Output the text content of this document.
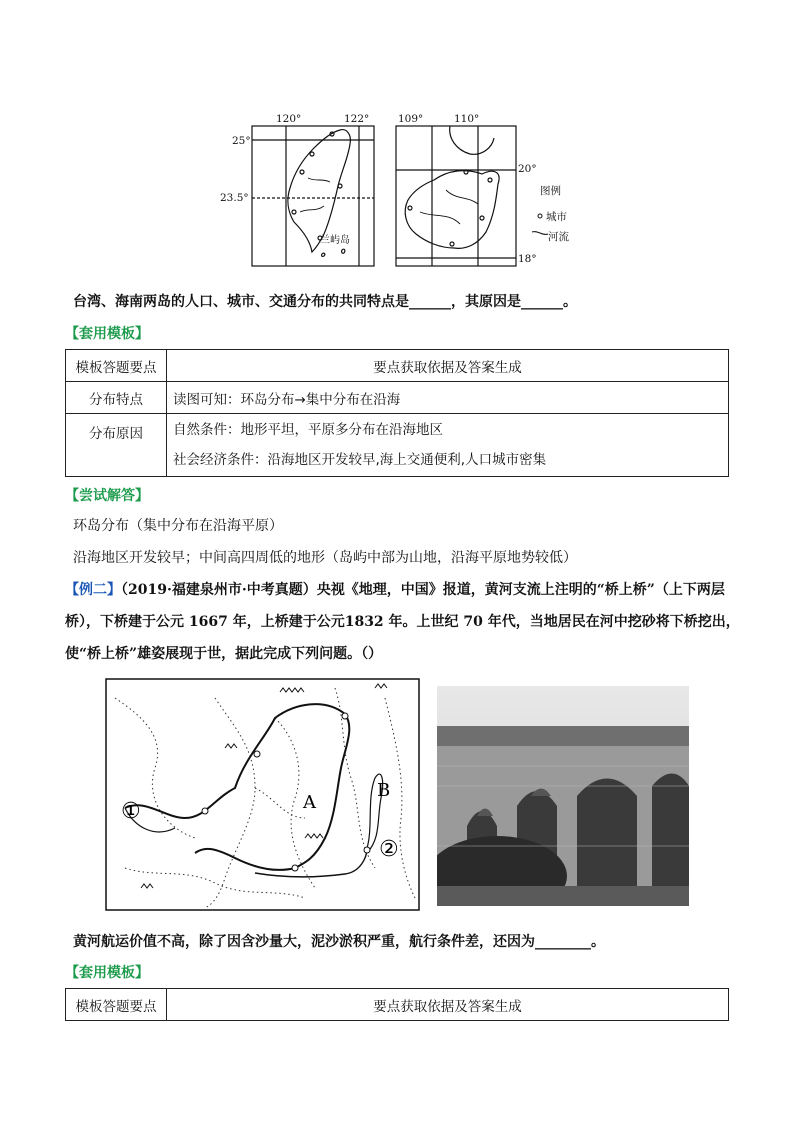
120°	122°
25°
23.5°
兰屿岛
109°	110°
20°
18°
图例
城市
河流
台湾、海南两岛的人口、城市、交通分布的共同特点是______，其原因是______。
【套用模板】
模板答题要点	要点获取依据及答案生成
分布特点	读图可知：环岛分布→集中分布在沿海
分布原因	自然条件：地形平坦，平原多分布在沿海地区
社会经济条件：沿海地区开发较早,海上交通便利,人口城市密集
【尝试解答】
环岛分布（集中分布在沿海平原）
沿海地区开发较早；中间高四周低的地形（岛屿中部为山地，沿海平原地势较低）
【例二】（2019·福建泉州市·中考真题）央视《地理，中国》报道，黄河支流上注明的“桥上桥”（上下两层
桥），下桥建于公元 1667 年，上桥建于公元1832 年。上世纪 70 年代，当地居民在河中挖砂将下桥挖出，
使“桥上桥”雄姿展现于世，据此完成下列问题。（）
A
B
①
②
黄河航运价值不高，除了因含沙量大，泥沙淤积严重，航行条件差，还因为________。
【套用模板】
模板答题要点	要点获取依据及答案生成
